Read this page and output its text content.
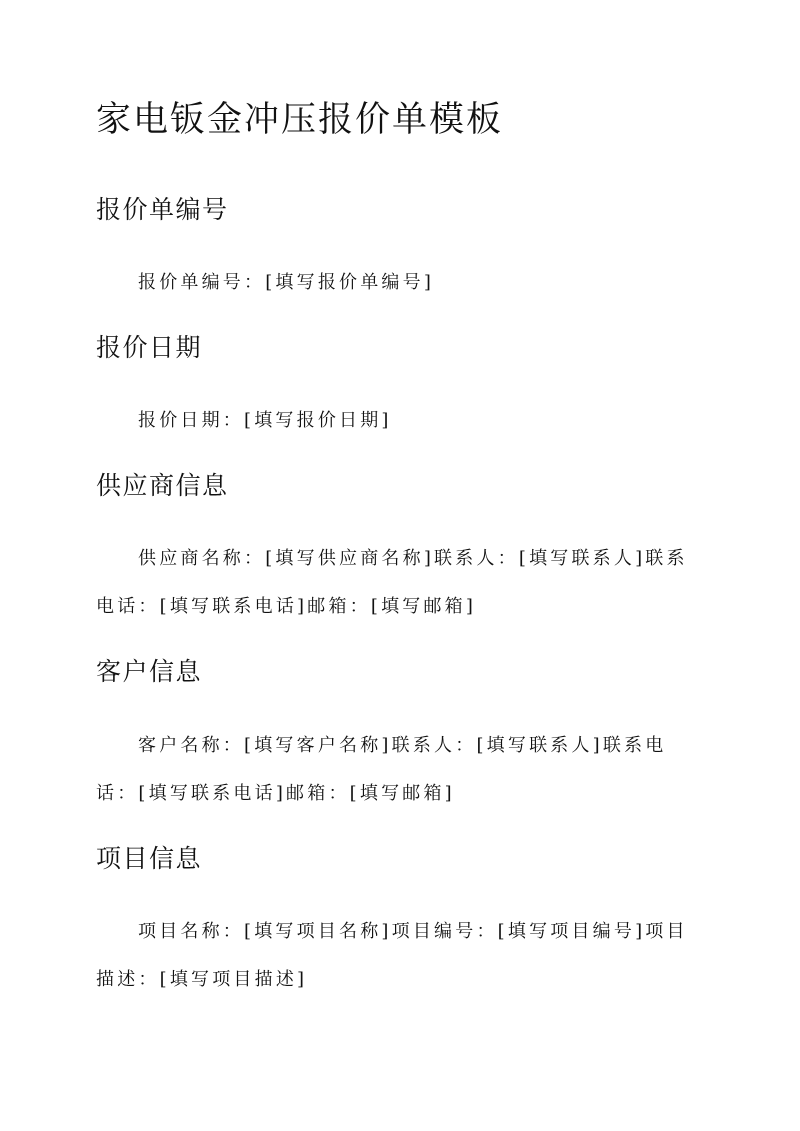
家电钣金冲压报价单模板
报价单编号

报价单编号：[填写报价单编号]

报价日期

报价日期：[填写报价日期]

供应商信息

供应商名称：[填写供应商名称]联系人：[填写联系人]联系电话：[填写联系电话]邮箱：[填写邮箱]

客户信息

客户名称：[填写客户名称]联系人：[填写联系人]联系电话：[填写联系电话]邮箱：[填写邮箱]

项目信息

项目名称：[填写项目名称]项目编号：[填写项目编号]项目描述：[填写项目描述]
